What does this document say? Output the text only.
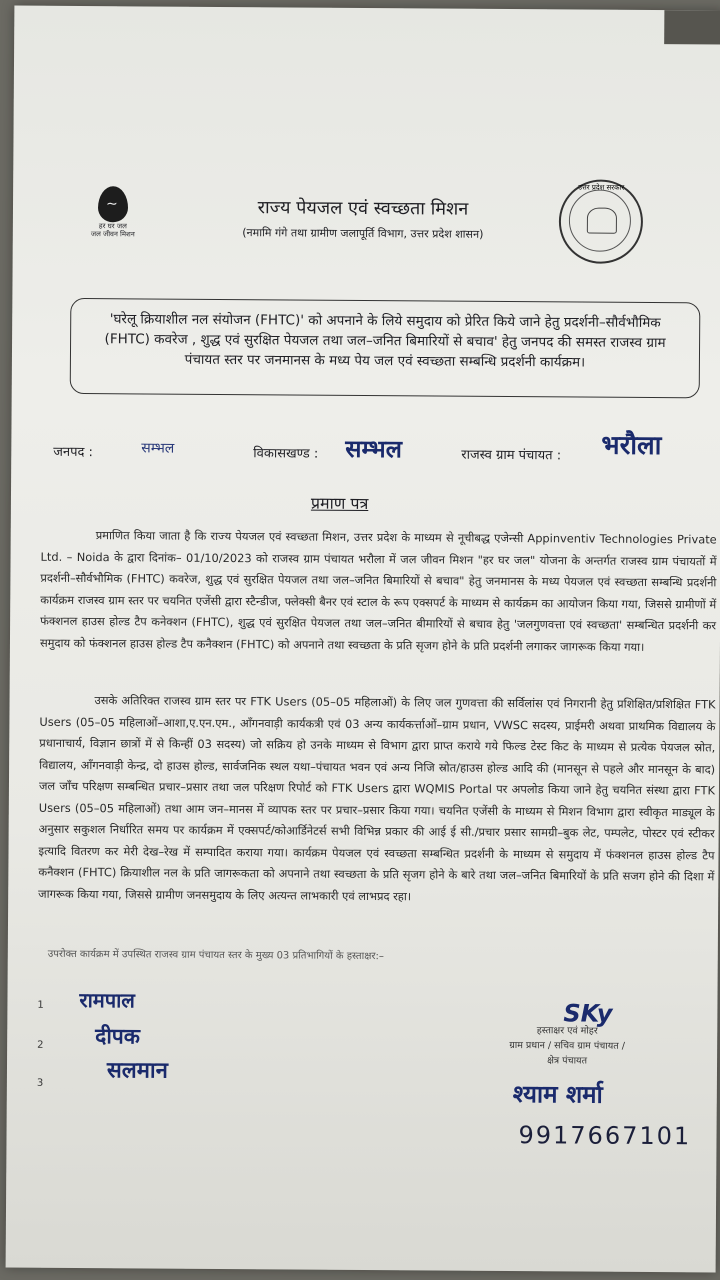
~
हर घर जल
जल जीवन मिशन
राज्य पेयजल एवं स्वच्छता मिशन
(नमामि गंगे तथा ग्रामीण जलापूर्ति विभाग, उत्तर प्रदेश शासन)
उत्तर प्रदेश सरकार
'घरेलू क्रियाशील नल संयोजन (FHTC)' को अपनाने के लिये समुदाय को प्रेरित किये जाने हेतु प्रदर्शनी–सौर्वभौमिक (FHTC) कवरेज , शुद्ध एवं सुरक्षित पेयजल तथा जल–जनित बिमारियों से बचाव' हेतु जनपद की समस्त राजस्व ग्राम पंचायत स्तर पर जनमानस के मध्य पेय जल एवं स्वच्छता सम्बन्धि प्रदर्शनी कार्यक्रम।
जनपद :	सम्भल	विकासखण्ड : सम्भल	राजस्व ग्राम पंचायत : भरौला
प्रमाण पत्र
प्रमाणित किया जाता है कि राज्य पेयजल एवं स्वच्छता मिशन, उत्तर प्रदेश के माध्यम से नूचीबद्ध एजेन्सी Appinventiv Technologies Private Ltd. – Noida के द्वारा दिनांक– 01/10/2023 को राजस्व ग्राम पंचायत भरौला में जल जीवन मिशन "हर घर जल" योजना के अन्तर्गत राजस्व ग्राम पंचायतों में प्रदर्शनी–सौर्वभौमिक (FHTC) कवरेज, शुद्ध एवं सुरक्षित पेयजल तथा जल–जनित बिमारियों से बचाव" हेतु जनमानस के मध्य पेयजल एवं स्वच्छता सम्बन्धि प्रदर्शनी कार्यक्रम राजस्व ग्राम स्तर पर चयनित एजेंसी द्वारा स्टैन्डीज, फ्लेक्सी बैनर एवं स्टाल के रूप एक्सपर्ट के माध्यम से कार्यक्रम का आयोजन किया गया, जिससे ग्रामीणों में फंक्शनल हाउस होल्ड टैप कनेक्शन (FHTC), शुद्ध एवं सुरक्षित पेयजल तथा जल–जनित बीमारियों से बचाव हेतु 'जलगुणवत्ता एवं स्वच्छता' सम्बन्धित प्रदर्शनी कर समुदाय को फंक्शनल हाउस होल्ड टैप कनैक्शन (FHTC) को अपनाने तथा स्वच्छता के प्रति सृजग होने के प्रति प्रदर्शनी लगाकर जागरूक किया गया।
उसके अतिरिक्त राजस्व ग्राम स्तर पर FTK Users (05–05 महिलाओं) के लिए जल गुणवत्ता की सर्विलांस एवं निगरानी हेतु प्रशिक्षित/प्रशिक्षित FTK Users (05–05 महिलाओं–आशा,ए.एन.एम., आँगनवाड़ी कार्यकत्री एवं 03 अन्य कार्यकर्त्ताओं–ग्राम प्रधान, VWSC सदस्य, प्राईमरी अथवा प्राथमिक विद्यालय के प्रधानाचार्य, विज्ञान छात्रों में से किन्हीं 03 सदस्य) जो सक्रिय हो उनके माध्यम से विभाग द्वारा प्राप्त कराये गये फिल्ड टेस्ट किट के माध्यम से प्रत्येक पेयजल स्रोत, विद्यालय, आँगनवाड़ी केन्द्र, दो हाउस होल्ड, सार्वजनिक स्थल यथा–पंचायत भवन एवं अन्य निजि स्रोत/हाउस होल्ड आदि की (मानसून से पहले और मानसून के बाद) जल जाँच परिक्षण सम्बन्धित प्रचार–प्रसार तथा जल परिक्षण रिपोर्ट को FTK Users द्वारा WQMIS Portal पर अपलोड किया जाने हेतु चयनित संस्था द्वारा FTK Users (05–05 महिलाओं) तथा आम जन–मानस में व्यापक स्तर पर प्रचार–प्रसार किया गया। चयनित एजेंसी के माध्यम से मिशन विभाग द्वारा स्वीकृत माड्यूल के अनुसार सकुशल निर्धारित समय पर कार्यक्रम में एक्सपर्ट/कोआर्डिनेटर्स सभी विभिन्न प्रकार की आई ई सी./प्रचार प्रसार सामग्री–बुक लेट, पम्पलेट, पोस्टर एवं स्टीकर इत्यादि वितरण कर मेरी देख–रेख में सम्पादित कराया गया। कार्यक्रम पेयजल एवं स्वच्छता सम्बन्धित प्रदर्शनी के माध्यम से समुदाय में फंक्शनल हाउस होल्ड टैप कनैक्शन (FHTC) क्रियाशील नल के प्रति जागरूकता को अपनाने तथा स्वच्छता के प्रति सृजग होने के बारे तथा जल–जनित बिमारियों के प्रति सजग होने की दिशा में जागरूक किया गया, जिससे ग्रामीण जनसमुदाय के लिए अत्यन्त लाभकारी एवं लाभप्रद रहा।
उपरोक्त कार्यक्रम में उपस्थित राजस्व ग्राम पंचायत स्तर के मुख्य 03 प्रतिभागियों के हस्ताक्षर:–
1 रामपाल
2 दीपक
3	सलमान
SKy
हस्ताक्षर एवं मोहर
ग्राम प्रधान / सचिव ग्राम पंचायत /
क्षेत्र पंचायत
श्याम शर्मा
9917667101
